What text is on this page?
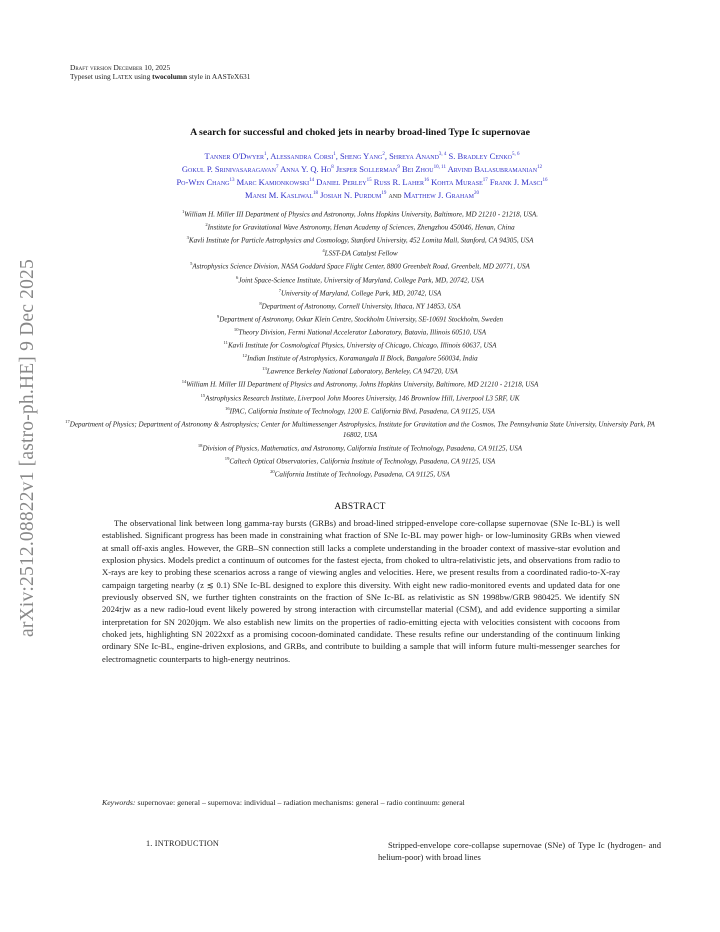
arXiv:2512.08822v1 [astro-ph.HE] 9 Dec 2025
Draft version December 10, 2025
Typeset using LATEX using twocolumn style in AASTeX631
A search for successful and choked jets in nearby broad-lined Type Ic supernovae
Tanner O'Dwyer$^1$, Alessandra Corsi$^1$, Sheng Yang$^2$, Shreya Anand$^{3, 4}$ S. Bradley Cenko$^{5, 6}$
Gokul P. Srinivasaragavan$^7$ Anna Y. Q. Ho$^8$ Jesper Sollerman$^9$ Bei Zhou$^{10, 11}$ Arvind Balasubramanian$^{12}$
Po-Wen Chang$^{13}$ Marc Kamionkowski$^{14}$ Daniel Perley$^{15}$ Russ R. Laher$^{16}$ Kohta Murase$^{17}$ Frank J. Masci$^{16}$
Mansi M. Kasliwal$^{18}$ Josiah N. Purdum$^{19}$ and Matthew J. Graham$^{20}$
$^1$William H. Miller III Department of Physics and Astronomy, Johns Hopkins University, Baltimore, MD 21210 - 21218, USA.
$^2$Institute for Gravitational Wave Astronomy, Henan Academy of Sciences, Zhengzhou 450046, Henan, China
$^3$Kavli Institute for Particle Astrophysics and Cosmology, Stanford University, 452 Lomita Mall, Stanford, CA 94305, USA
$^4$LSST-DA Catalyst Fellow
$^5$Astrophysics Science Division, NASA Goddard Space Flight Center, 8800 Greenbelt Road, Greenbelt, MD 20771, USA
$^6$Joint Space-Science Institute, University of Maryland, College Park, MD, 20742, USA
$^7$University of Maryland, College Park, MD, 20742, USA
$^8$Department of Astronomy, Cornell University, Ithaca, NY 14853, USA
$^9$Department of Astronomy, Oskar Klein Centre, Stockholm University, SE-10691 Stockholm, Sweden
$^{10}$Theory Division, Fermi National Accelerator Laboratory, Batavia, Illinois 60510, USA
$^{11}$Kavli Institute for Cosmological Physics, University of Chicago, Chicago, Illinois 60637, USA
$^{12}$Indian Institute of Astrophysics, Koramangala II Block, Bangalore 560034, India
$^{13}$Lawrence Berkeley National Laboratory, Berkeley, CA 94720, USA
$^{14}$William H. Miller III Department of Physics and Astronomy, Johns Hopkins University, Baltimore, MD 21210 - 21218, USA
$^{15}$Astrophysics Research Institute, Liverpool John Moores University, 146 Brownlow Hill, Liverpool L3 5RF, UK
$^{16}$IPAC, California Institute of Technology, 1200 E. California Blvd, Pasadena, CA 91125, USA
$^{17}$Department of Physics; Department of Astronomy & Astrophysics; Center for Multimessenger Astrophysics, Institute for Gravitation and the Cosmos, The Pennsylvania State University, University Park, PA 16802, USA
$^{18}$Division of Physics, Mathematics, and Astronomy, California Institute of Technology, Pasadena, CA 91125, USA
$^{19}$Caltech Optical Observatories, California Institute of Technology, Pasadena, CA 91125, USA
$^{20}$California Institute of Technology, Pasadena, CA 91125, USA
ABSTRACT
The observational link between long gamma-ray bursts (GRBs) and broad-lined stripped-envelope core-collapse supernovae (SNe Ic-BL) is well established. Significant progress has been made in constraining what fraction of SNe Ic-BL may power high- or low-luminosity GRBs when viewed at small off-axis angles. However, the GRB–SN connection still lacks a complete understanding in the broader context of massive-star evolution and explosion physics. Models predict a continuum of outcomes for the fastest ejecta, from choked to ultra-relativistic jets, and observations from radio to X-rays are key to probing these scenarios across a range of viewing angles and velocities. Here, we present results from a coordinated radio-to-X-ray campaign targeting nearby (z ≲ 0.1) SNe Ic-BL designed to explore this diversity. With eight new radio-monitored events and updated data for one previously observed SN, we further tighten constraints on the fraction of SNe Ic-BL as relativistic as SN 1998bw/GRB 980425. We identify SN 2024rjw as a new radio-loud event likely powered by strong interaction with circumstellar material (CSM), and add evidence supporting a similar interpretation for SN 2020jqm. We also establish new limits on the properties of radio-emitting ejecta with velocities consistent with cocoons from choked jets, highlighting SN 2022xxf as a promising cocoon-dominated candidate. These results refine our understanding of the continuum linking ordinary SNe Ic-BL, engine-driven explosions, and GRBs, and contribute to building a sample that will inform future multi-messenger searches for electromagnetic counterparts to high-energy neutrinos.
Keywords: supernovae: general – supernova: individual – radiation mechanisms: general – radio continuum: general
1. INTRODUCTION	Stripped-envelope core-collapse supernovae (SNe) of Type Ic (hydrogen- and helium-poor) with broad lines
